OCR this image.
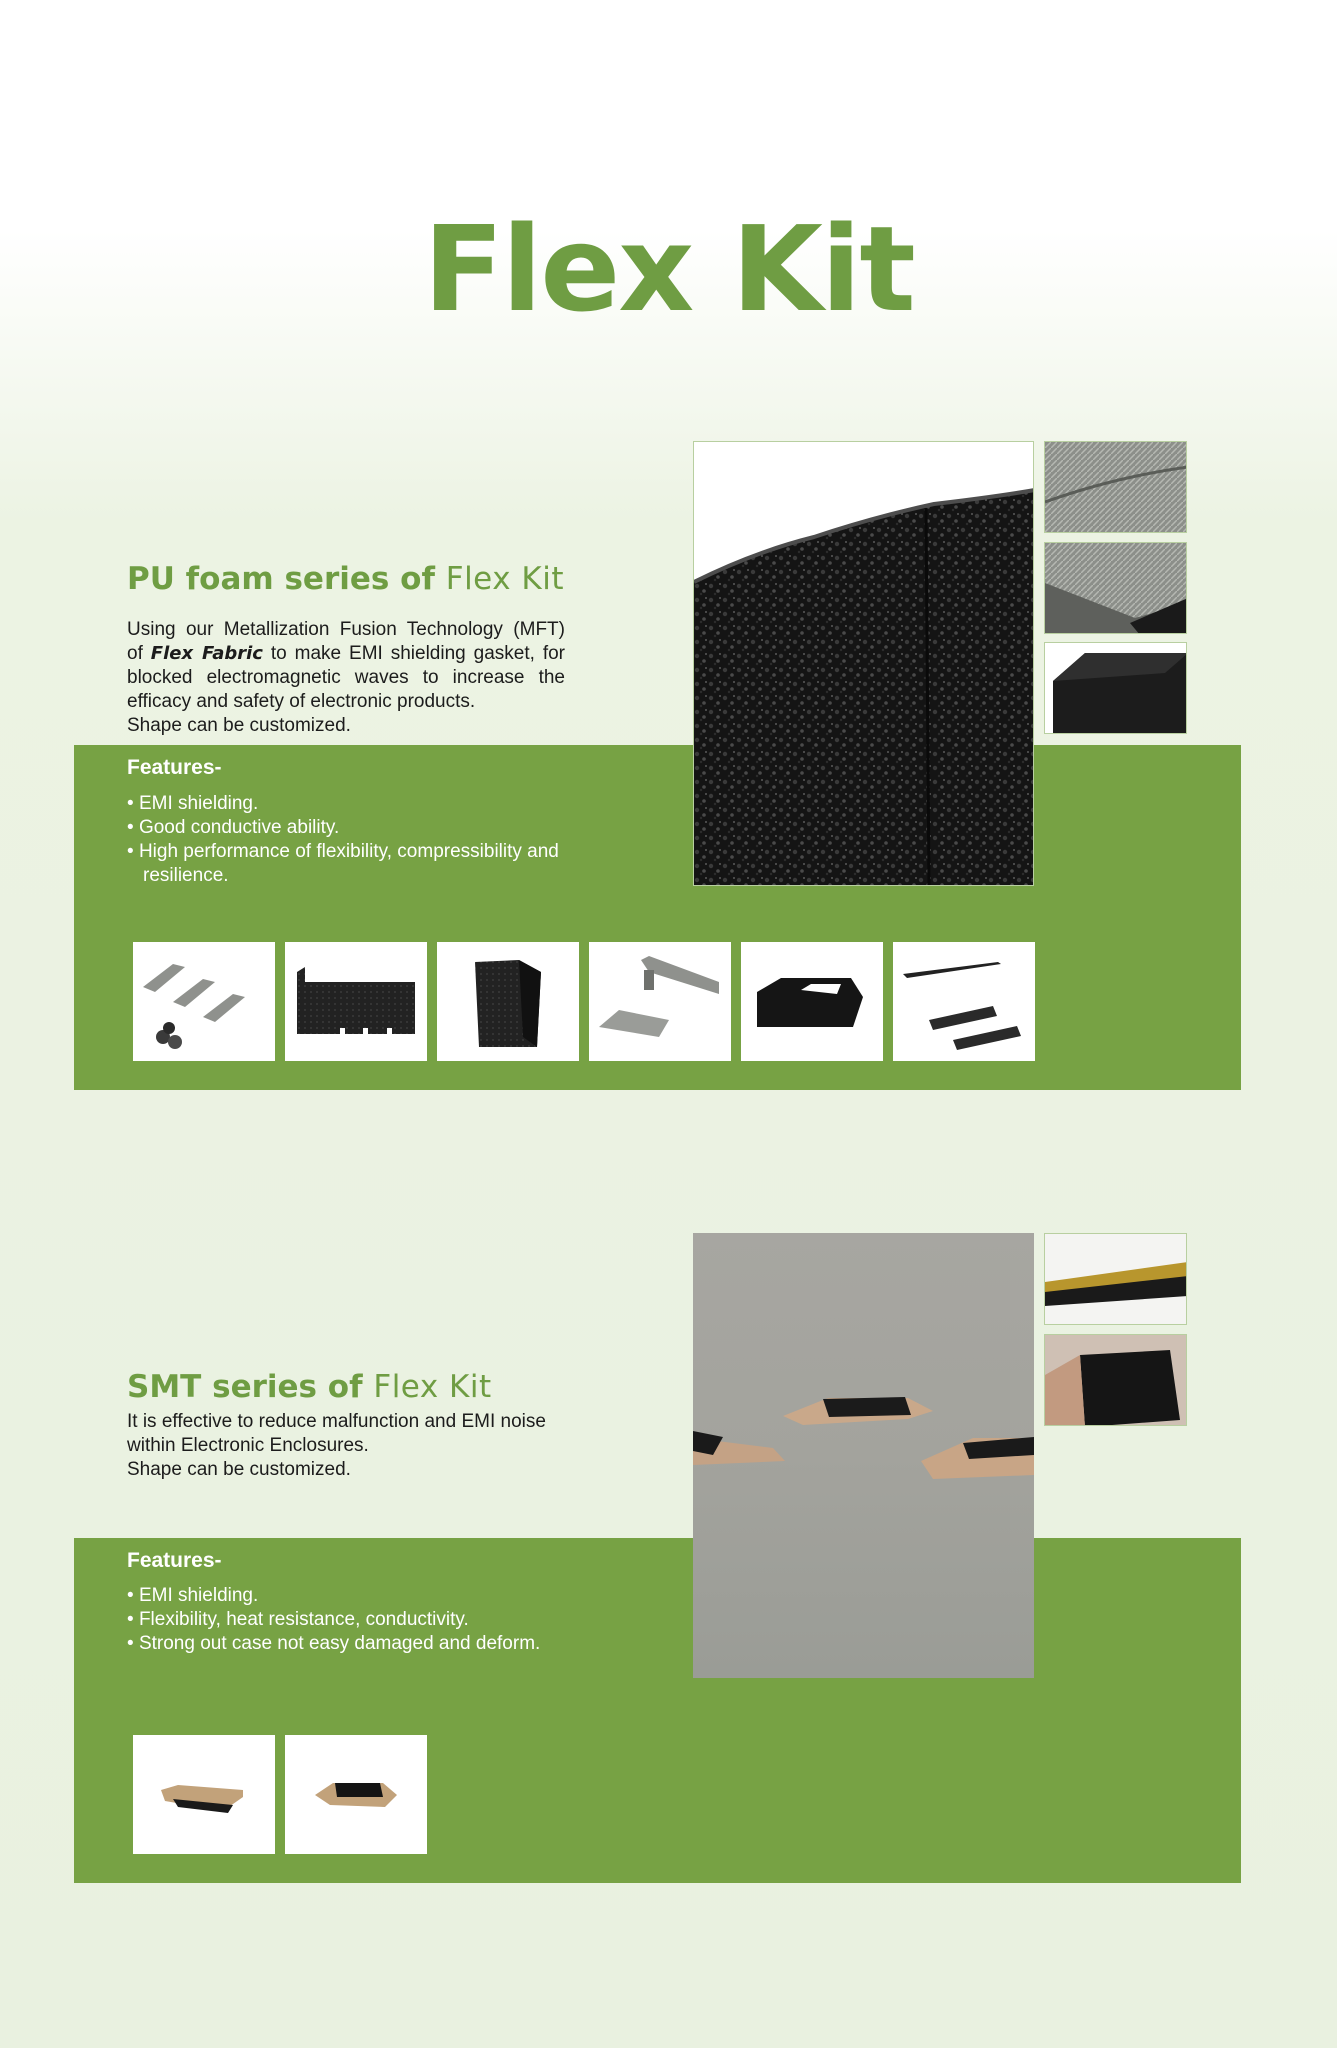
Flex Kit
PU foam series of Flex Kit

Using our Metallization Fusion Technology (MFT)

of Flex Fabric to make EMI shielding gasket, for

blocked electromagnetic waves to increase the

efficacy and safety of electronic products.

Shape can be customized.

Features-
• EMI shielding.
• Good conductive ability.
• High performance of flexibility, compressibility and resilience.
SMT series of Flex Kit

It is effective to reduce malfunction and EMI noise

within Electronic Enclosures.

Shape can be customized.

Features-
• EMI shielding.
• Flexibility, heat resistance, conductivity.
• Strong out case not easy damaged and deform.
